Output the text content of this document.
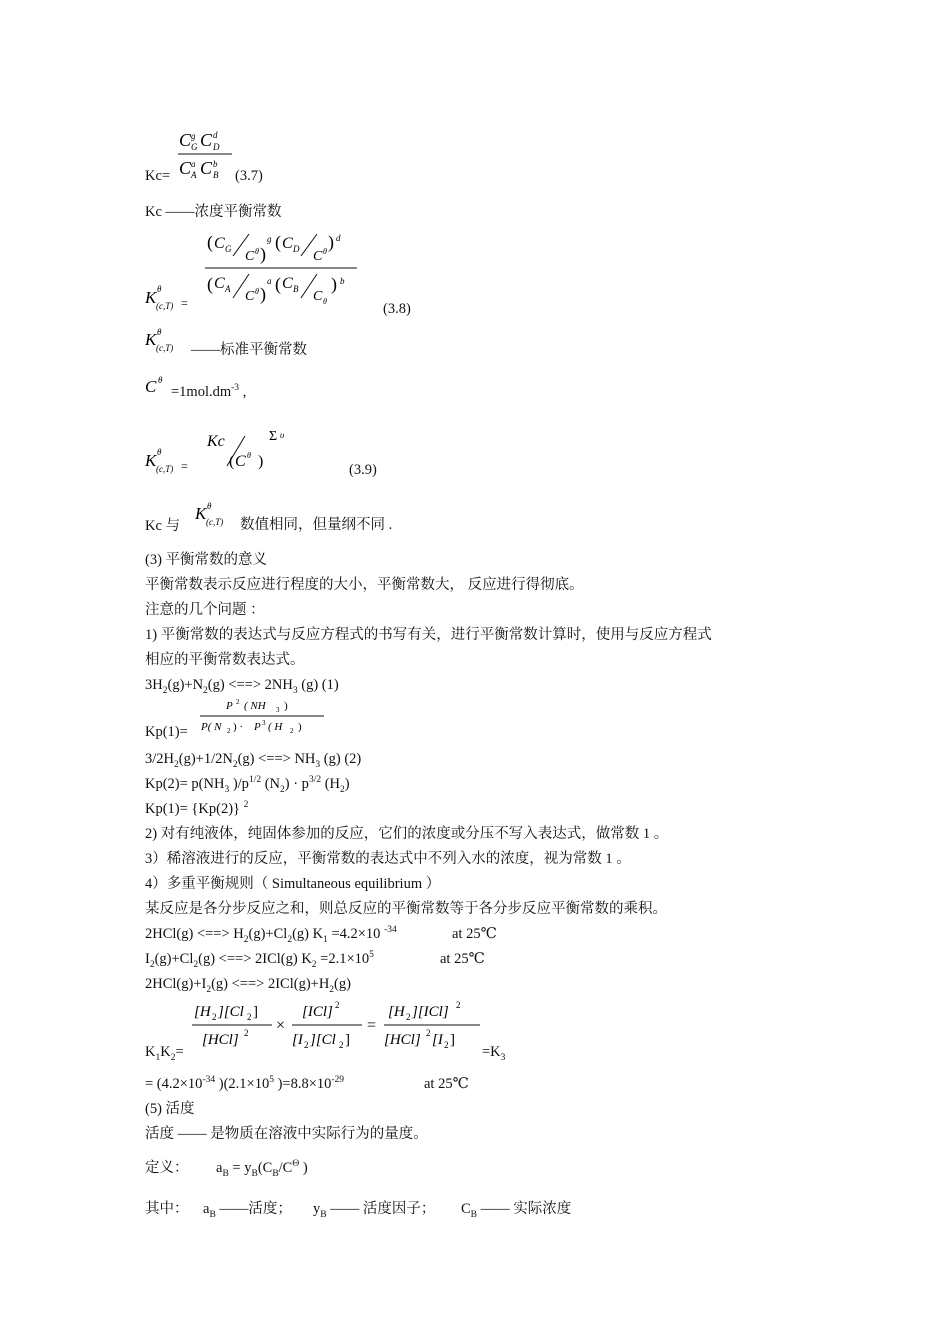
C g
G C d
D
C a
A C b
B
Kc=	(3.7)
Kc ——浓度平衡常数
K θ
(c,T) =
( C G C θ )
g ( C D C θ ) d
( C A C θ )
a ( C B C θ
) b
(3.8)
K θ
(c,T) ——标准平衡常数
C θ
$=1mol.dm^{-3}$ ,
K θ
(c,T) =
Kc
( C θ )
Σ υ
(3.9)
Kc 与
K θ
(c,T) 数值相同，但量纲不同 .
(3) 平衡常数的意义
平衡常数表示反应进行程度的大小，平衡常数大， 反应进行得彻底。
注意的几个问题 ：
1) 平衡常数的表达式与反应方程式的书写有关，进行平衡常数计算时，使用与反应方程式
相应的平衡常数表达式。
$3H_2(g)+N_2(g)$ <==> $2NH_3$ (g) (1)
P 2 ( NH 3 )
P( N 2 ) · P 3 ( H 2 )
Kp(1)=
$3/2H_2(g)+1/2N_2(g)$ <==> $NH_3$ (g) (2)
$Kp(2)= p(NH_3$ )$/p^{1/2}$ $(N_2) \cdot p^{3/2}$ $(H_2)$
Kp(1)= {Kp(2)} $^2$
2) 对有纯液体，纯固体参加的反应，它们的浓度或分压不写入表达式，做常数 1 。
3）稀溶液进行的反应，平衡常数的表达式中不列入水的浓度，视为常数 1 。
4）多重平衡规则（ Simultaneous equilibrium ）
某反应是各分步反应之和，则总反应的平衡常数等于各分步反应平衡常数的乘积。
2HCl(g) <==> $H_2(g)+Cl_2(g)$ $K_1 =4.2\times 10$ $^{-34}$	at 25℃
$I_2(g)+Cl_2(g)$ <==> 2ICl(g) $K_2 =2.1\times 10^5$	at 25℃
$2HCl(g)+I_2(g)$ <==> $2ICl(g)+H_2(g)$
[H 2 ][Cl 2 ]
[HCl] 2 ×
[ICl] 2
[I 2 ][Cl 2 ]
=
[H 2 ][ICl] 2
[HCl] 2 [I 2 ]
$K_1K_2=$	$=K_3$
= ($4.2\times 10^{-34}$ )($2.1\times 10^5$ )$=8.8\times 10^{-29}$	at 25℃
(5) 活度
活度 —— 是物质在溶液中实际行为的量度。
定义： $a_B = y_B(C_B/C^\Theta$ )
其中： $a_B$ ——活度； $y_B$ —— 活度因子； $C_B$ —— 实际浓度
